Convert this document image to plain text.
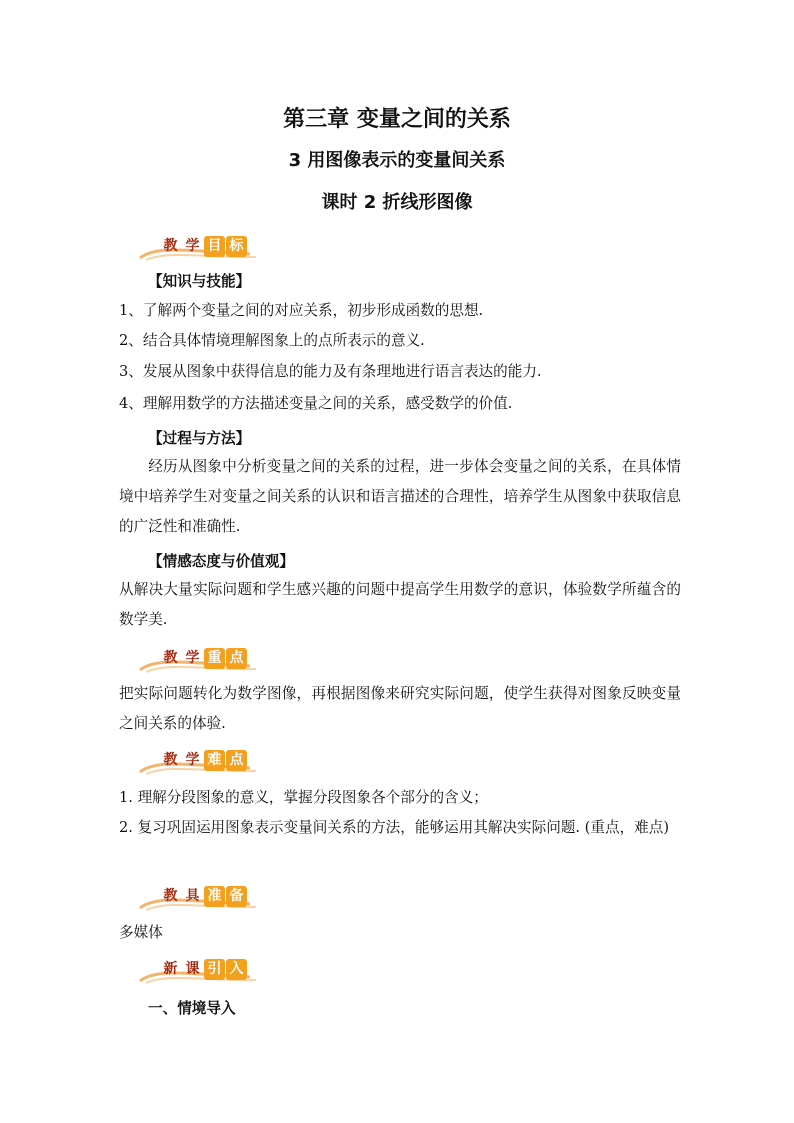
第三章 变量之间的关系
3 用图像表示的变量间关系
课时 2 折线形图像
教 学 目 标
【知识与技能】

1、了解两个变量之间的对应关系，初步形成函数的思想.

2、结合具体情境理解图象上的点所表示的意义.

3、发展从图象中获得信息的能力及有条理地进行语言表达的能力.

4、理解用数学的方法描述变量之间的关系，感受数学的价值.

【过程与方法】

经历从图象中分析变量之间的关系的过程，进一步体会变量之间的关系，在具体情境中培养学生对变量之间关系的认识和语言描述的合理性，培养学生从图象中获取信息的广泛性和准确性.

【情感态度与价值观】

从解决大量实际问题和学生感兴趣的问题中提高学生用数学的意识，体验数学所蕴含的数学美.

教 学 重 点

把实际问题转化为数学图像，再根据图像来研究实际问题，使学生获得对图象反映变量之间关系的体验.

教 学 难 点

1. 理解分段图象的意义，掌握分段图象各个部分的含义；

2. 复习巩固运用图象表示变量间关系的方法，能够运用其解决实际问题. (重点，难点)

教 具 准 备

多媒体

新 课 引 入
一、情境导入
